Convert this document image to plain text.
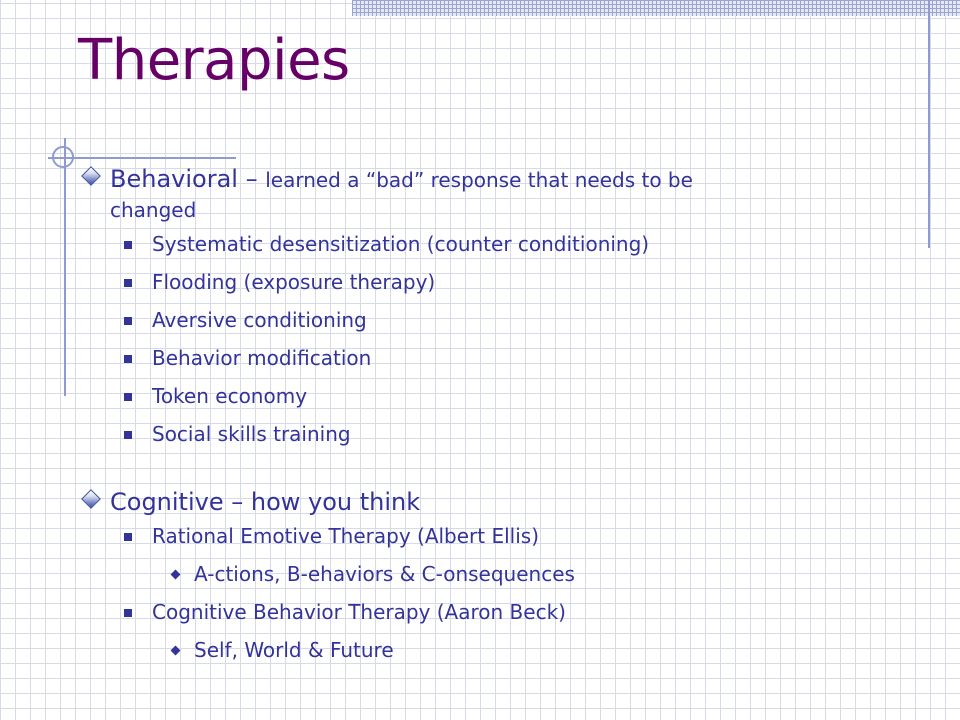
Therapies
Behavioral – learned a “bad” response that needs to be
changed
Systematic desensitization (counter conditioning)
Flooding (exposure therapy)
Aversive conditioning
Behavior modification
Token economy
Social skills training
Cognitive – how you think
Rational Emotive Therapy (Albert Ellis)
A-ctions, B-ehaviors & C-onsequences
Cognitive Behavior Therapy (Aaron Beck)
Self, World & Future
